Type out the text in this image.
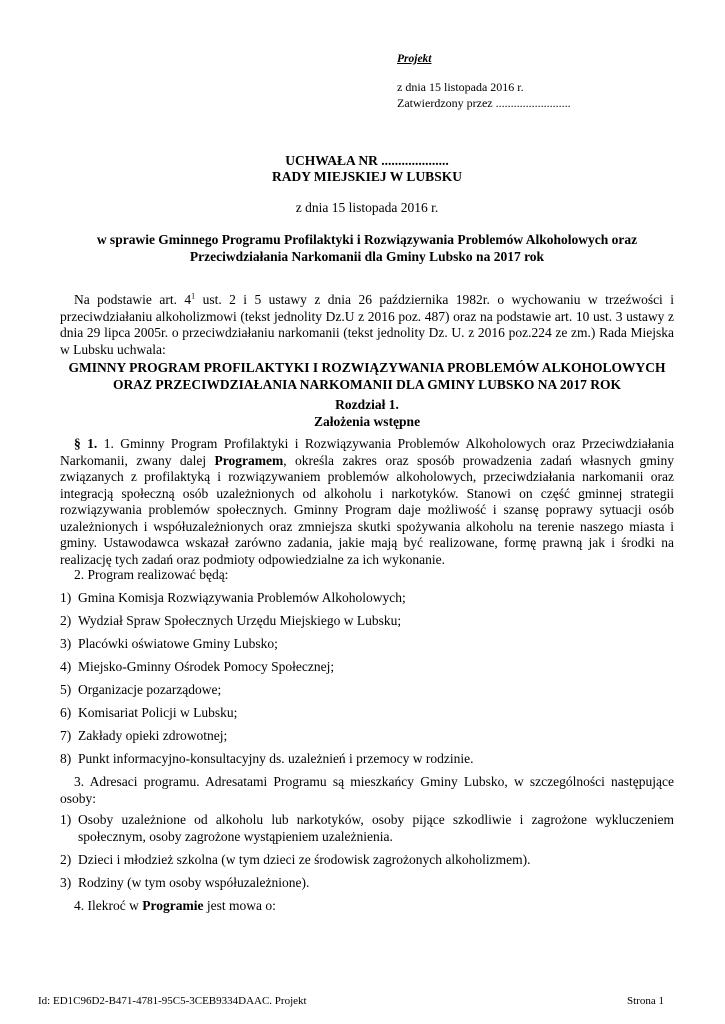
Projekt
z dnia 15 listopada 2016 r.
Zatwierdzony przez .........................
UCHWAŁA NR ....................
RADY MIEJSKIEJ W LUBSKU
z dnia 15 listopada 2016 r.
w sprawie Gminnego Programu Profilaktyki i Rozwiązywania Problemów Alkoholowych oraz
Przeciwdziałania Narkomanii dla Gminy Lubsko na 2017 rok
Na podstawie art. $4^1$ ust. 2 i 5 ustawy z dnia 26 października 1982r. o wychowaniu w trzeźwości i przeciwdziałaniu alkoholizmowi (tekst jednolity Dz.U z 2016 poz. 487) oraz na podstawie art. 10 ust. 3 ustawy z dnia 29 lipca 2005r. o przeciwdziałaniu narkomanii (tekst jednolity Dz. U. z 2016 poz.224 ze zm.) Rada Miejska w Lubsku uchwala:
GMINNY PROGRAM PROFILAKTYKI I ROZWIĄZYWANIA PROBLEMÓW ALKOHOLOWYCH
ORAZ PRZECIWDZIAŁANIA NARKOMANII DLA GMINY LUBSKO NA 2017 ROK
Rozdział 1.
Założenia wstępne
§ 1. 1. Gminny Program Profilaktyki i Rozwiązywania Problemów Alkoholowych oraz Przeciwdziałania Narkomanii, zwany dalej Programem, określa zakres oraz sposób prowadzenia zadań własnych gminy związanych z profilaktyką i rozwiązywaniem problemów alkoholowych, przeciwdziałania narkomanii oraz integracją społeczną osób uzależnionych od alkoholu i narkotyków. Stanowi on część gminnej strategii rozwiązywania problemów społecznych. Gminny Program daje możliwość i szansę poprawy sytuacji osób uzależnionych i współuzależnionych oraz zmniejsza skutki spożywania alkoholu na terenie naszego miasta i gminy. Ustawodawca wskazał zarówno zadania, jakie mają być realizowane, formę prawną jak i środki na realizację tych zadań oraz podmioty odpowiedzialne za ich wykonanie.
2. Program realizować będą:
1) Gmina Komisja Rozwiązywania Problemów Alkoholowych;
2) Wydział Spraw Społecznych Urzędu Miejskiego w Lubsku;
3) Placówki oświatowe Gminy Lubsko;
4) Miejsko-Gminny Ośrodek Pomocy Społecznej;
5) Organizacje pozarządowe;
6) Komisariat Policji w Lubsku;
7) Zakłady opieki zdrowotnej;
8) Punkt informacyjno-konsultacyjny ds. uzależnień i przemocy w rodzinie.
3. Adresaci programu. Adresatami Programu są mieszkańcy Gminy Lubsko, w szczególności następujące osoby:
1) Osoby uzależnione od alkoholu lub narkotyków, osoby pijące szkodliwie i zagrożone wykluczeniem społecznym, osoby zagrożone wystąpieniem uzależnienia.
2) Dzieci i młodzież szkolna (w tym dzieci ze środowisk zagrożonych alkoholizmem).
3) Rodziny (w tym osoby współuzależnione).
4. Ilekroć w Programie jest mowa o:
Id: ED1C96D2-B471-4781-95C5-3CEB9334DAAC. Projekt	Strona 1
